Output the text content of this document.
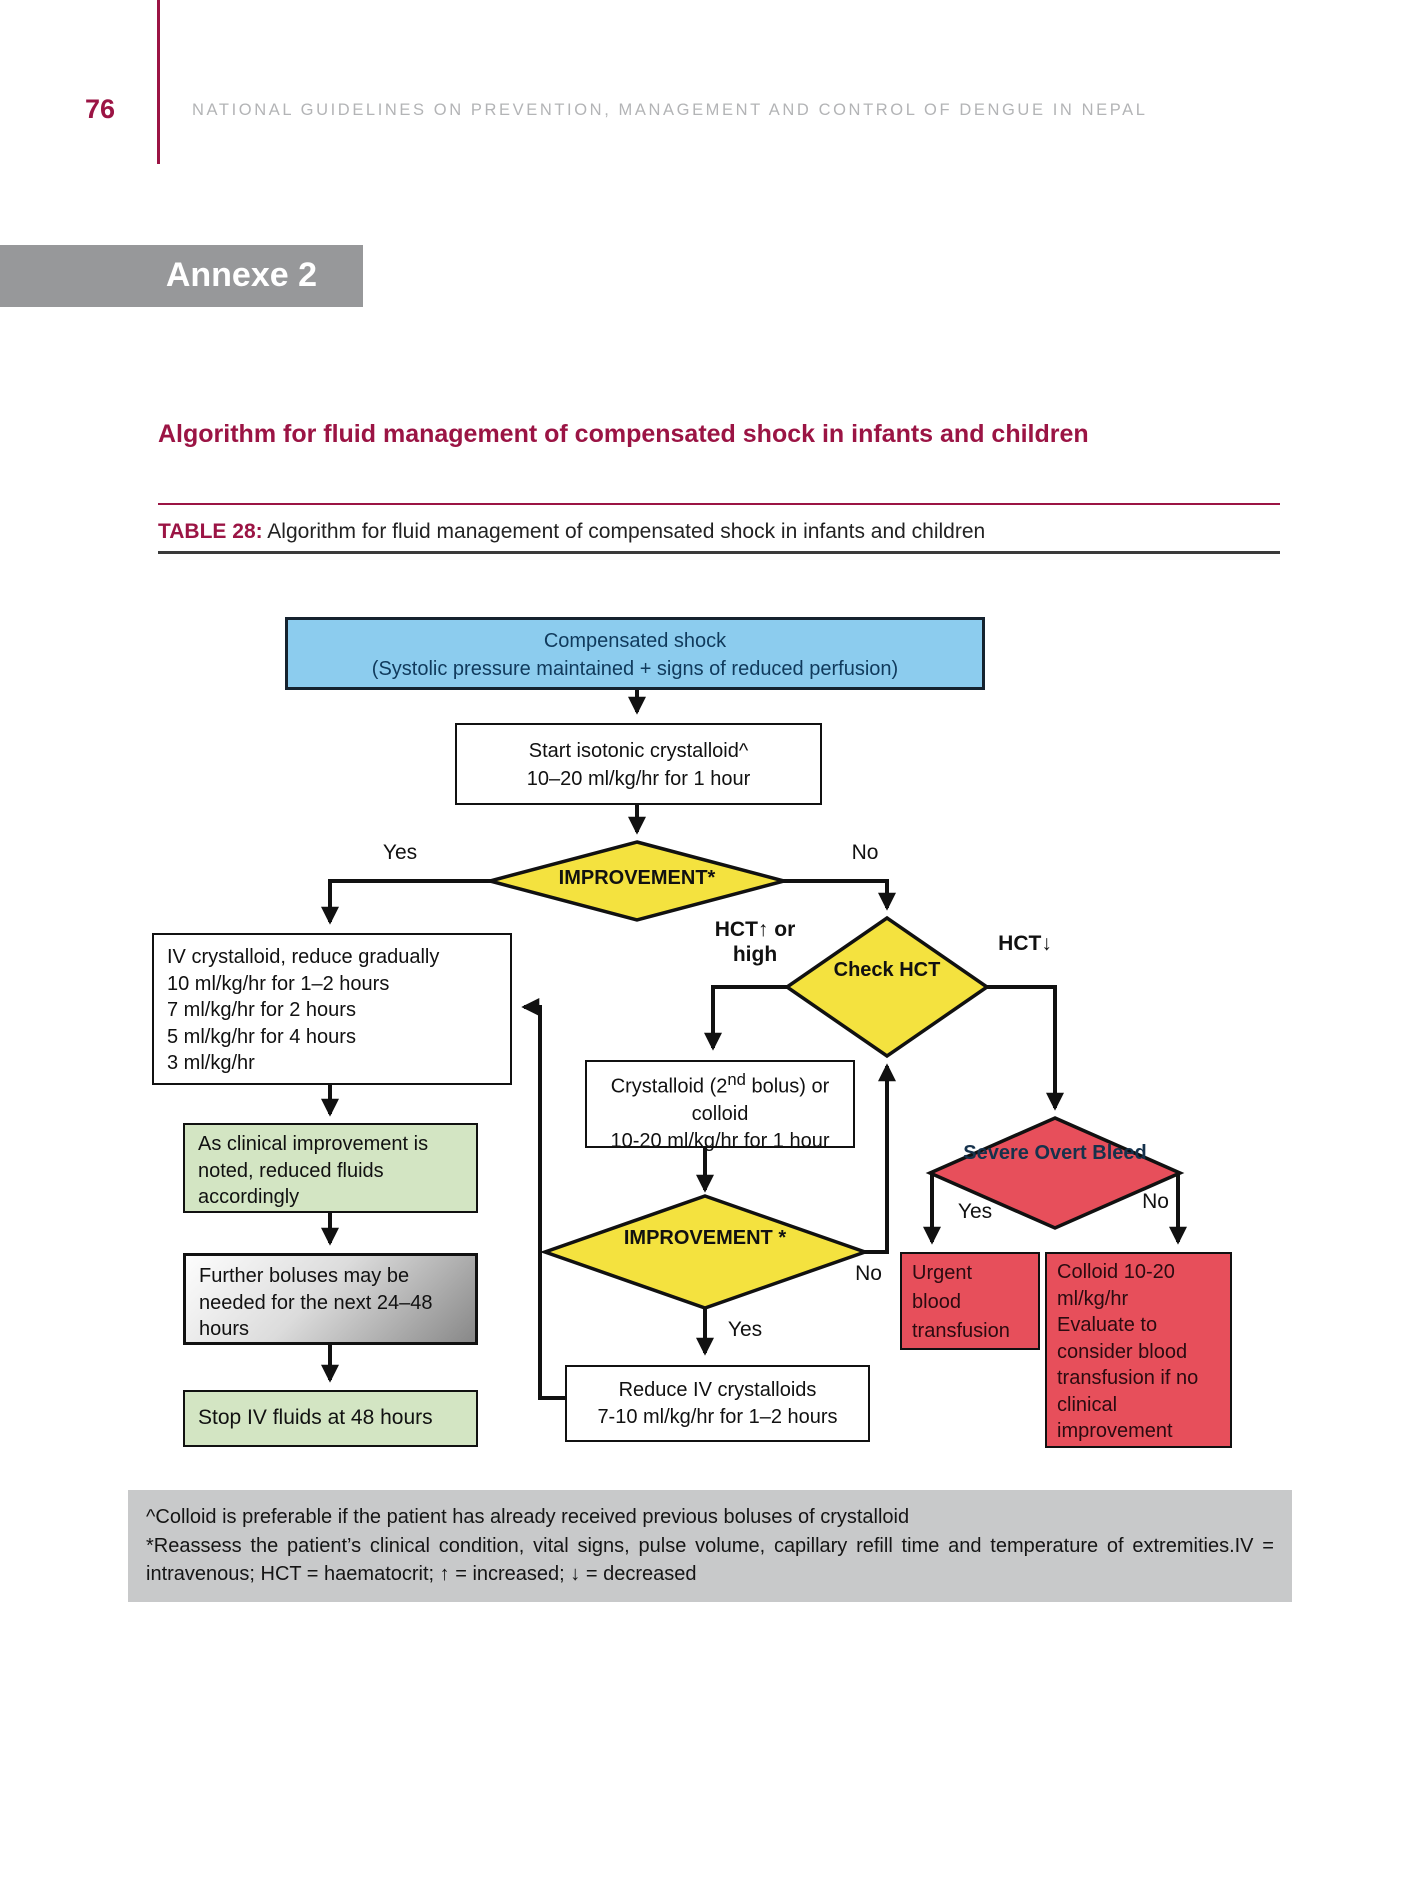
76	NATIONAL GUIDELINES ON PREVENTION, MANAGEMENT AND CONTROL OF DENGUE IN NEPAL
Annexe 2
Algorithm for fluid management of compensated shock in infants and children
TABLE 28: Algorithm for fluid management of compensated shock in infants and children
Compensated shock
(Systolic pressure maintained + signs of reduced perfusion)
Start isotonic crystalloid^
10–20 ml/kg/hr for 1 hour
IV crystalloid, reduce gradually
10 ml/kg/hr for 1–2 hours
7 ml/kg/hr for 2 hours
5 ml/kg/hr for 4 hours
3 ml/kg/hr
As clinical improvement is
noted, reduced fluids
accordingly
Further boluses may be
needed for the next 24–48
hours
Stop IV fluids at 48 hours
Crystalloid (2nd bolus) or
colloid
10-20 ml/kg/hr for 1 hour
Reduce IV crystalloids
7-10 ml/kg/hr for 1–2 hours
Urgent
blood
transfusion
Colloid 10-20
ml/kg/hr
Evaluate to
consider blood
transfusion if no
clinical
improvement
IMPROVEMENT*
Check HCT
IMPROVEMENT *
Severe Overt Bleed
Yes	No
HCT↑ or high	HCT↓
No
Yes
Yes	No
^Colloid is preferable if the patient has already received previous boluses of crystalloid
*Reassess the patient’s clinical condition, vital signs, pulse volume, capillary refill time and temperature of extremities.IV = intravenous; HCT = haematocrit; ↑ = increased; ↓ = decreased
